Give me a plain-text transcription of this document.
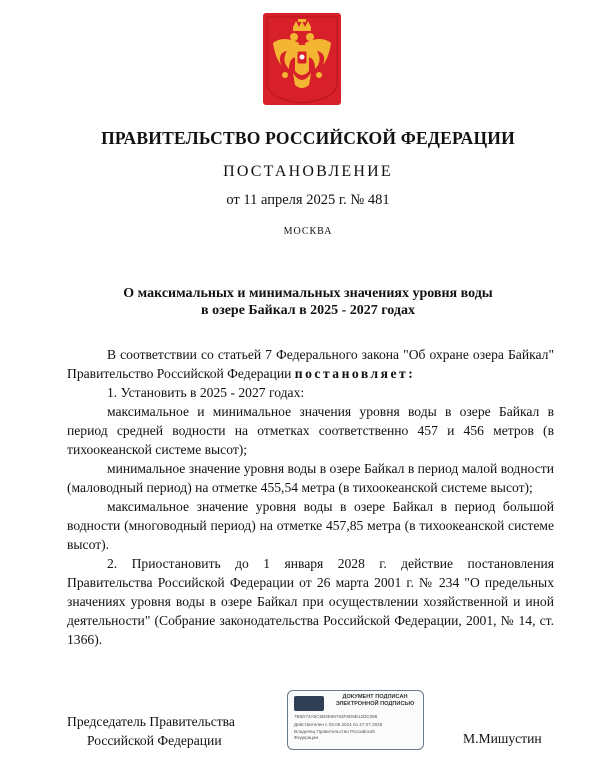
ПРАВИТЕЛЬСТВО РОССИЙСКОЙ ФЕДЕРАЦИИ
ПОСТАНОВЛЕНИЕ
от 11 апреля 2025 г. № 481
МОСКВА
О максимальных и минимальных значениях уровня воды
в озере Байкал в 2025 - 2027 годах

В соответствии со статьей 7 Федерального закона "Об охране озера Байкал" Правительство Российской Федерации постановляет:

1. Установить в 2025 - 2027 годах:

максимальное и минимальное значения уровня воды в озере Байкал в период средней водности на отметках соответственно 457 и 456 метров (в тихоокеанской системе высот);

минимальное значение уровня воды в озере Байкал в период малой водности (маловодный период) на отметке 455,54 метра (в тихоокеанской системе высот);

максимальное значение уровня воды в озере Байкал в период большой водности (многоводный период) на отметке 457,85 метра (в тихоокеанской системе высот).

2. Приостановить до 1 января 2028 г. действие постановления Правительства Российской Федерации от 26 марта 2001 г. № 234 "О предельных значениях уровня воды в озере Байкал при осуществлении хозяйственной и иной деятельности" (Собрание законодательства Российской Федерации, 2001, № 14, ст. 1366).

Председатель Правительства
Российской Федерации
ДОКУМЕНТ ПОДПИСАН
ЭЛЕКТРОННОЙ ПОДПИСЬЮ
7B6D74A5C5B3E96763F5D6B12DC096
Действителен с 03.05.2024 по 27.07.2025
Владелец Правительство Российской
Федерации	М.Мишустин
